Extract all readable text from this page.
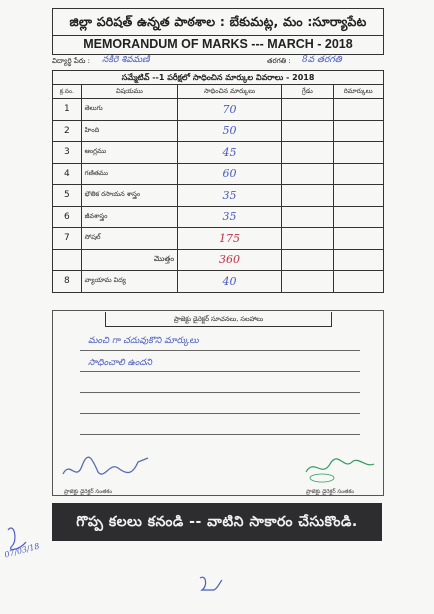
జిల్లా పరిషత్ ఉన్నత పాఠశాల : బేకుమట్ల, మం :సూర్యాపేట
MEMORANDUM OF MARKS --- MARCH - 2018
విద్యార్థి పేరు : నకిరె శివమణి	తరగతి : 8వ తరగతి
సమ్మేటివ్ --1 పరీక్షలో సాధించిన మార్కుల వివరాలు - 2018
క్ర.సం.	విషయము	సాధించిన మార్కులు	గ్రేడు	రిమార్కులు
1	తెలుగు	70		
2	హింది	50		
3	ఆంగ్లము	45		
4	గణితము	60		
5	భౌతిక రసాయన శాస్త్రం	35		
6	జీవశాస్త్రం	35		
7	సోషల్	175		
	మొత్తం	360		
8	వ్యాయామ విద్య	40		
ప్రాజెక్టు డైరెక్టర్ సూచనలు, సలహాలు
మంచి గా చదువుకొని మార్కులు
సాధించాలి ఉందని
ప్రాజెక్టు డైరెక్టర్ సంతకం	ప్రాజెక్టు డైరెక్టర్ సంతకం
గొప్ప కలలు కనండి -- వాటిని సాకారం చేసుకొండి.
07/03/18
